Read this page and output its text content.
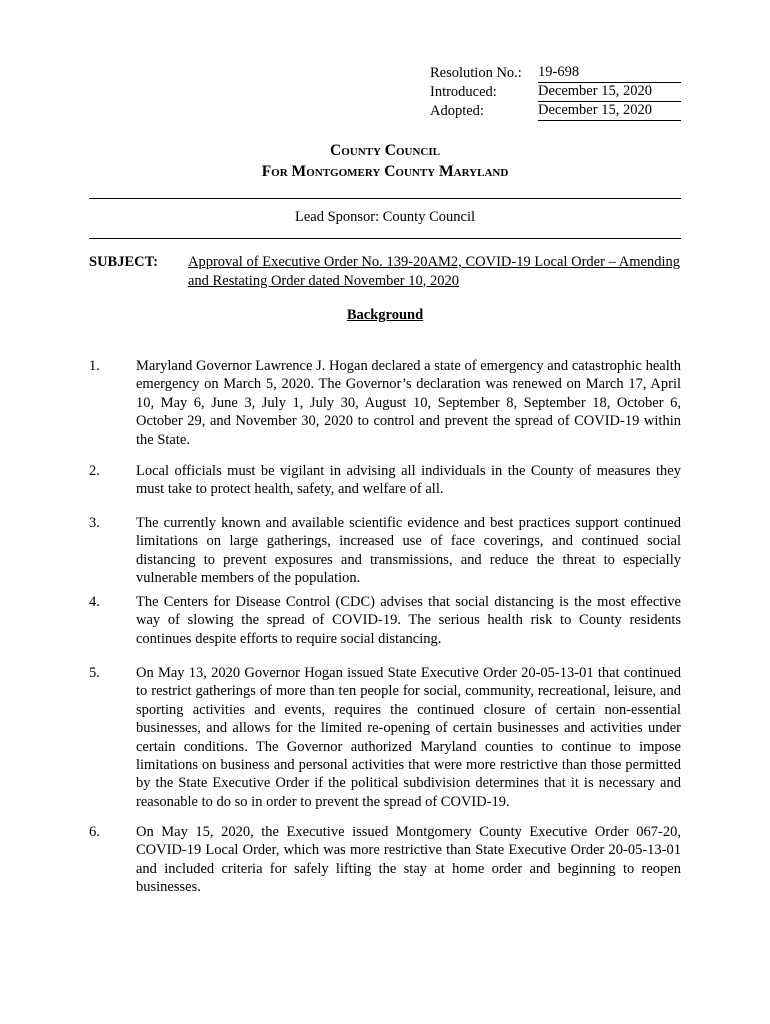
Resolution No.:	19-698
Introduced:	December 15, 2020
Adopted:	December 15, 2020
County Council
For Montgomery County Maryland
Lead Sponsor: County Council
SUBJECT: Approval of Executive Order No. 139-20AM2, COVID-19 Local Order – Amending and Restating Order dated November 10, 2020
Background
1.	Maryland Governor Lawrence J. Hogan declared a state of emergency and catastrophic health emergency on March 5, 2020. The Governor’s declaration was renewed on March 17, April 10, May 6, June 3, July 1, July 30, August 10, September 8, September 18, October 6, October 29, and November 30, 2020 to control and prevent the spread of COVID-19 within the State.
2.	Local officials must be vigilant in advising all individuals in the County of measures they must take to protect health, safety, and welfare of all.
3.	The currently known and available scientific evidence and best practices support continued limitations on large gatherings, increased use of face coverings, and continued social distancing to prevent exposures and transmissions, and reduce the threat to especially vulnerable members of the population.
4.	The Centers for Disease Control (CDC) advises that social distancing is the most effective way of slowing the spread of COVID-19. The serious health risk to County residents continues despite efforts to require social distancing.
5.	On May 13, 2020 Governor Hogan issued State Executive Order 20-05-13-01 that continued to restrict gatherings of more than ten people for social, community, recreational, leisure, and sporting activities and events, requires the continued closure of certain non-essential businesses, and allows for the limited re-opening of certain businesses and activities under certain conditions. The Governor authorized Maryland counties to continue to impose limitations on business and personal activities that were more restrictive than those permitted by the State Executive Order if the political subdivision determines that it is necessary and reasonable to do so in order to prevent the spread of COVID-19.
6.	On May 15, 2020, the Executive issued Montgomery County Executive Order 067-20, COVID-19 Local Order, which was more restrictive than State Executive Order 20-05-13-01 and included criteria for safely lifting the stay at home order and beginning to reopen businesses.
